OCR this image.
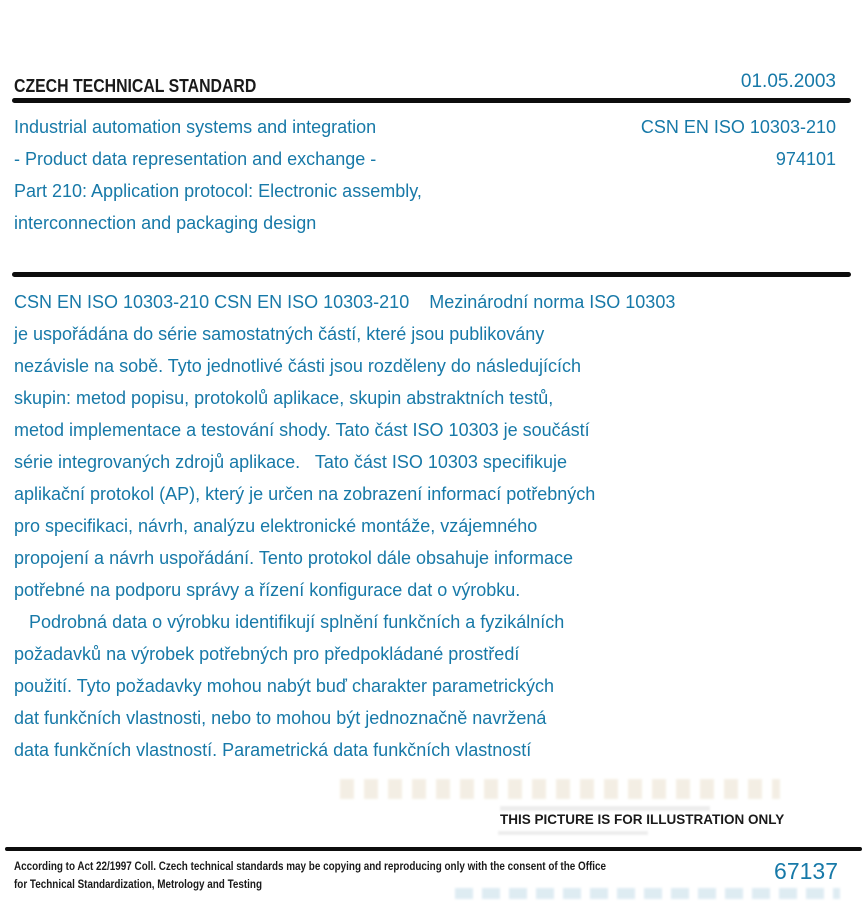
CZECH TECHNICAL STANDARD	01.05.2003
Industrial automation systems and integration
- Product data representation and exchange -
Part 210: Application protocol: Electronic assembly,
interconnection and packaging design
CSN EN ISO 10303-210
974101
CSN EN ISO 10303-210 CSN EN ISO 10303-210    Mezinárodní norma ISO 10303
je uspořádána do série samostatných částí, které jsou publikovány
nezávisle na sobě. Tyto jednotlivé části jsou rozděleny do následujících
skupin: metod popisu, protokolů aplikace, skupin abstraktních testů,
metod implementace a testování shody. Tato část ISO 10303 je součástí
série integrovaných zdrojů aplikace.   Tato část ISO 10303 specifikuje
aplikační protokol (AP), který je určen na zobrazení informací potřebných
pro specifikaci, návrh, analýzu elektronické montáže, vzájemného
propojení a návrh uspořádání. Tento protokol dále obsahuje informace
potřebné na podporu správy a řízení konfigurace dat o výrobku.
Podrobná data o výrobku identifikují splnění funkčních a fyzikálních
požadavků na výrobek potřebných pro předpokládané prostředí
použití. Tyto požadavky mohou nabýt buď charakter parametrických
dat funkčních vlastnosti, nebo to mohou být jednoznačně navržená
data funkčních vlastností. Parametrická data funkčních vlastností
THIS PICTURE IS FOR ILLUSTRATION ONLY
According to Act 22/1997 Coll. Czech technical standards may be copying and reproducing only with the consent of the Office
for Technical Standardization, Metrology and Testing
67137
